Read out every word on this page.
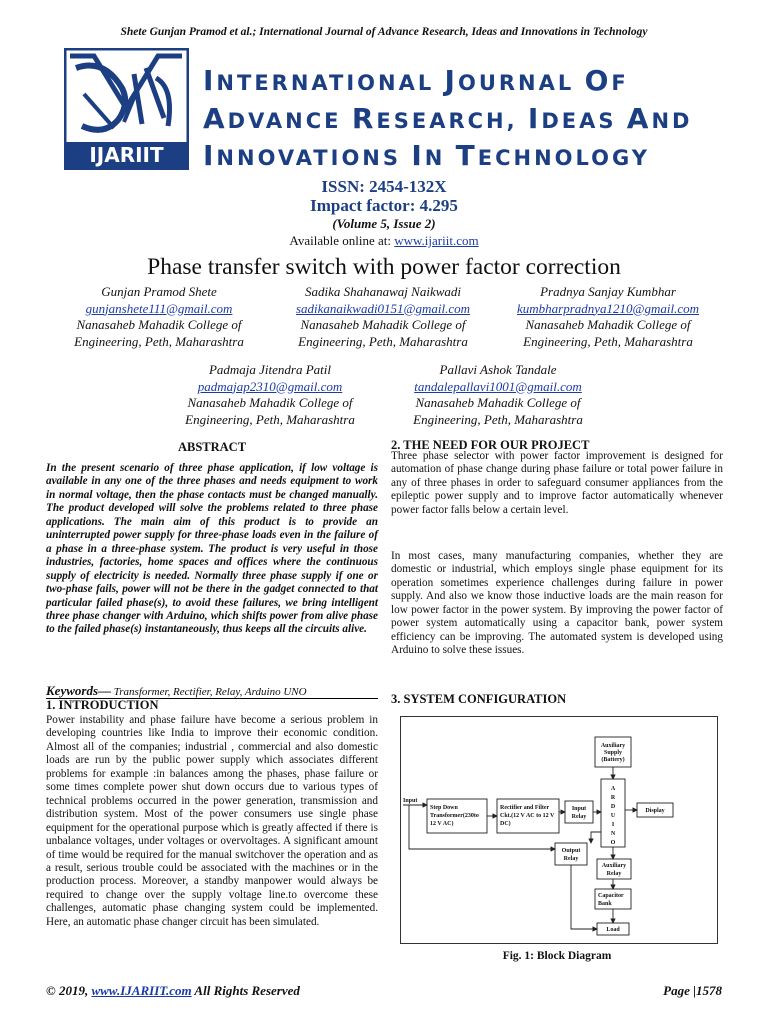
Shete Gunjan Pramod et al.; International Journal of Advance Research, Ideas and Innovations in Technology
IJARIIT
INTERNATIONAL JOURNAL OF
ADVANCE RESEARCH, IDEAS AND
INNOVATIONS IN TECHNOLOGY
ISSN: 2454-132X
Impact factor: 4.295
(Volume 5, Issue 2)
Available online at: www.ijariit.com
Phase transfer switch with power factor correction
Gunjan Pramod Shete
gunjanshete111@gmail.com
Nanasaheb Mahadik College of
Engineering, Peth, Maharashtra
Sadika Shahanawaj Naikwadi
sadikanaikwadi0151@gmail.com
Nanasaheb Mahadik College of
Engineering, Peth, Maharashtra
Pradnya Sanjay Kumbhar
kumbharpradnya1210@gmail.com
Nanasaheb Mahadik College of
Engineering, Peth, Maharashtra
Padmaja Jitendra Patil
padmajap2310@gmail.com
Nanasaheb Mahadik College of
Engineering, Peth, Maharashtra
Pallavi Ashok Tandale
tandalepallavi1001@gmail.com
Nanasaheb Mahadik College of
Engineering, Peth, Maharashtra
ABSTRACT
In the present scenario of three phase application, if low voltage is available in any one of the three phases and needs equipment to work in normal voltage, then the phase contacts must be changed manually. The product developed will solve the problems related to three phase applications. The main aim of this product is to provide an uninterrupted power supply for three-phase loads even in the failure of a phase in a three-phase system. The product is very useful in those industries, factories, home spaces and offices where the continuous supply of electricity is needed. Normally three phase supply if one or two-phase fails, power will not be there in the gadget connected to that particular failed phase(s), to avoid these failures, we bring intelligent three phase changer with Arduino, which shifts power from alive phase to the failed phase(s) instantaneously, thus keeps all the circuits alive.
Keywords— Transformer, Rectifier, Relay, Arduino UNO
1. INTRODUCTION
Power instability and phase failure have become a serious problem in developing countries like India to improve their economic condition. Almost all of the companies; industrial , commercial and also domestic loads are run by the public power supply which associates different problems for example :in balances among the phases, phase failure or some times complete power shut down occurs due to various types of technical problems occurred in the power generation, transmission and distribution system. Most of the power consumers use single phase equipment for the operational purpose which is greatly affected if there is unbalance voltages, under voltages or overvoltages. A significant amount of time would be required for the manual switchover the operation and as a result, serious trouble could be associated with the machines or in the production process. Moreover, a standby manpower would always be required to change over the supply voltage line.to overcome these challenges, automatic phase changing system could be implemented. Here, an automatic phase changer circuit has been simulated.
2. THE NEED FOR OUR PROJECT
Three phase selector with power factor improvement is designed for automation of phase change during phase failure or total power failure in any of three phases in order to safeguard consumer appliances from the epileptic power supply and to improve factor automatically whenever power factor falls below a certain level.
In most cases, many manufacturing companies, whether they are domestic or industrial, which employs single phase equipment for its operation sometimes experience challenges during failure in power supply. And also we know those inductive loads are the main reason for low power factor in the power system. By improving the power factor of power system automatically using a capacitor bank, power system efficiency can be improving. The automated system is developed using Arduino to solve these issues.
3. SYSTEM CONFIGURATION
Auxiliary
Supply
(Battery)
A
R
D
U
I
N
O
Display
Input
Step Down
Transformer(230to
12 V AC)
Rectifier and Filter
Ckt.(12 V AC to 12 V
DC)
Input
Relay
Output
Relay
Auxiliary
Relay
Capacitor
Bank
Load
Fig. 1: Block Diagram
© 2019, www.IJARIIT.com All Rights Reserved	Page |1578
